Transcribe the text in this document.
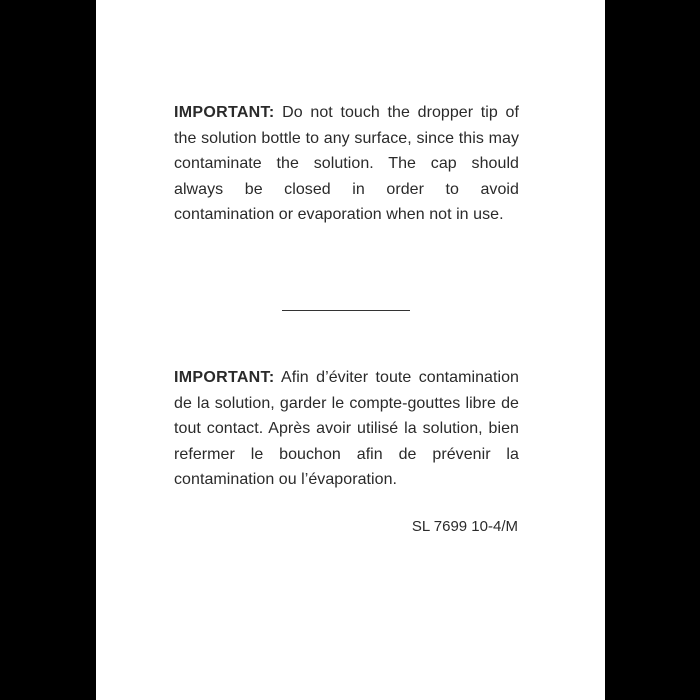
IMPORTANT: Do not touch the dropper tip of the solution bottle to any surface, since this may contaminate the solution. The cap should always be closed in order to avoid contamination or evaporation when not in use.

IMPORTANT: Afin d’éviter toute contamination de la solution, garder le compte-gouttes libre de tout contact. Après avoir utilisé la solution, bien refermer le bouchon afin de prévenir la contamination ou l’évaporation.

SL 7699 10-4/M
